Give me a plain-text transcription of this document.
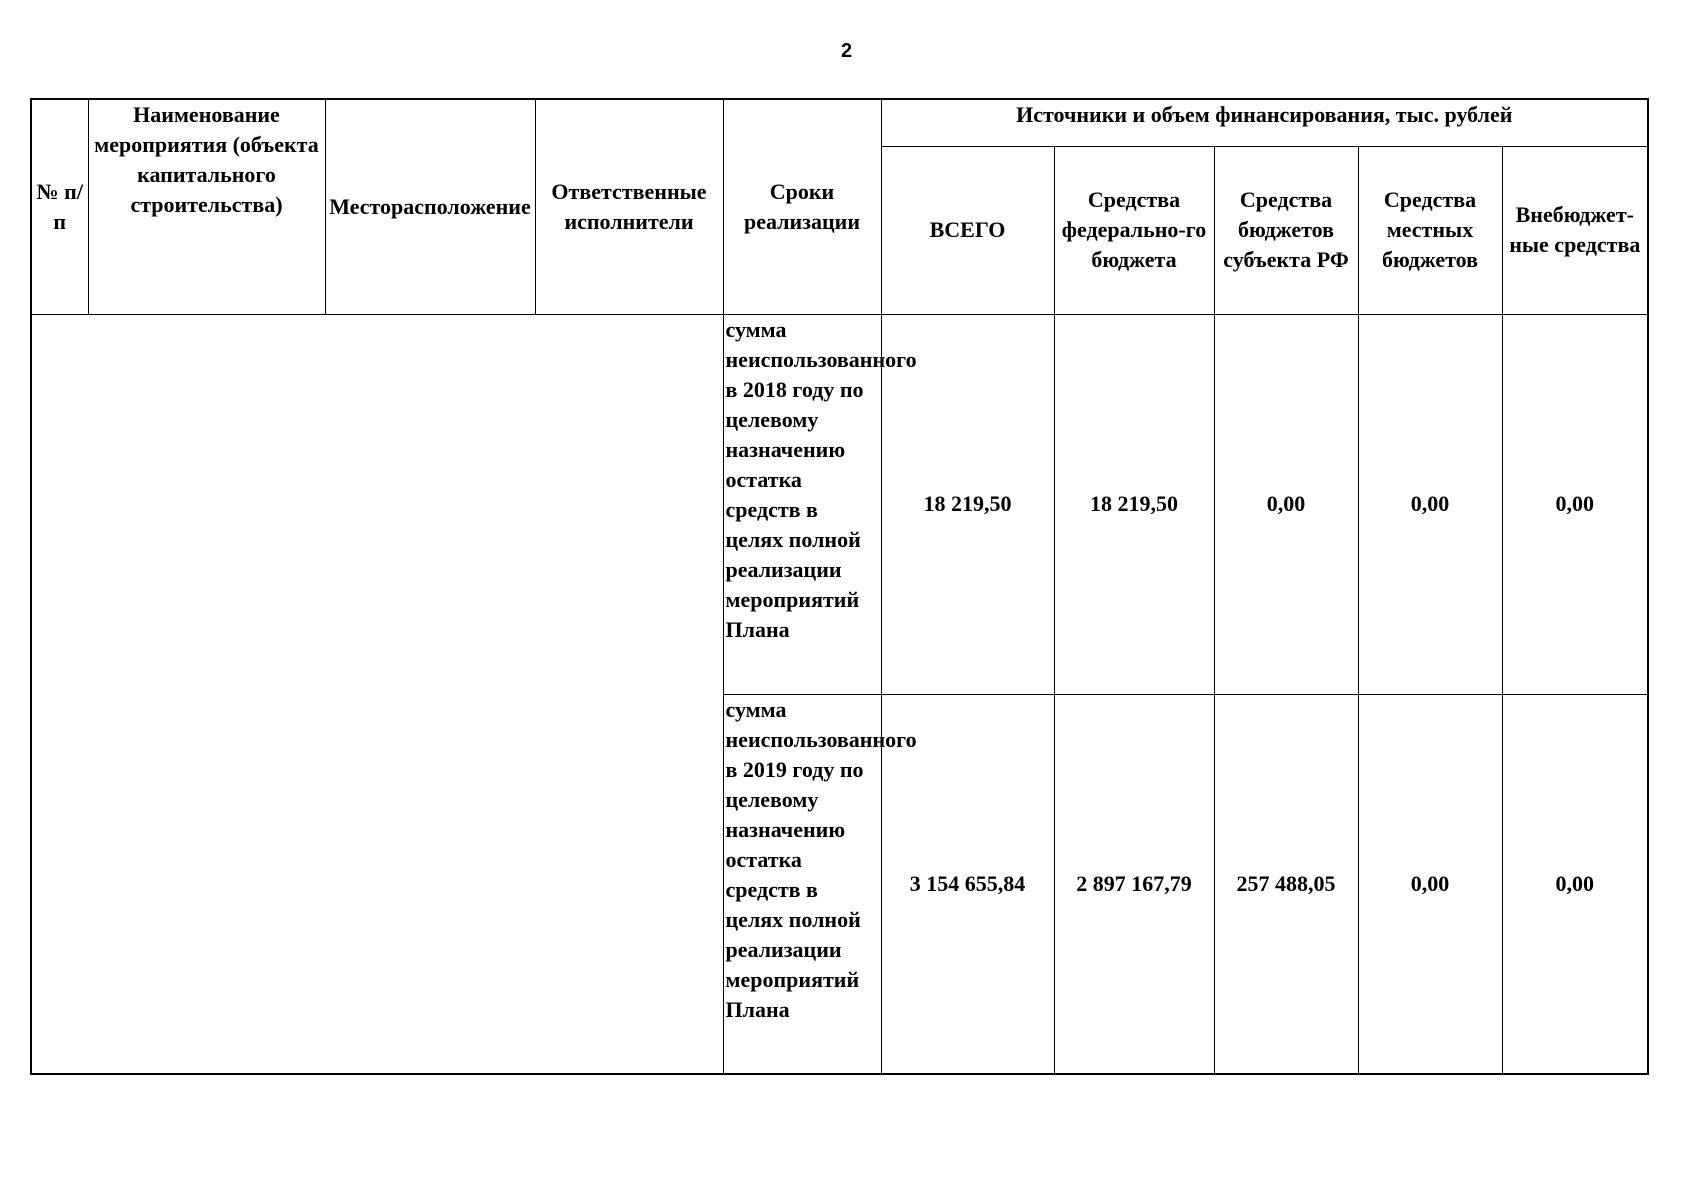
2
№ п/п	Наименование мероприятия (объекта капитального строительства)	Месторасположение	Ответственные исполнители	Сроки реализации	Источники и объем финансирования, тыс. рублей				
					ВСЕГО	Средства федерально-го бюджета	Средства бюджетов субъекта РФ	Средства местных бюджетов	Внебюджет-ные средства
				сумма неиспользованного в 2018 году по целевому назначению остатка средств в целях полной реализации мероприятий Плана	18 219,50	18 219,50	0,00	0,00	0,00
				сумма неиспользованного в 2019 году по целевому назначению остатка средств в целях полной реализации мероприятий Плана	3 154 655,84	2 897 167,79	257 488,05	0,00	0,00
